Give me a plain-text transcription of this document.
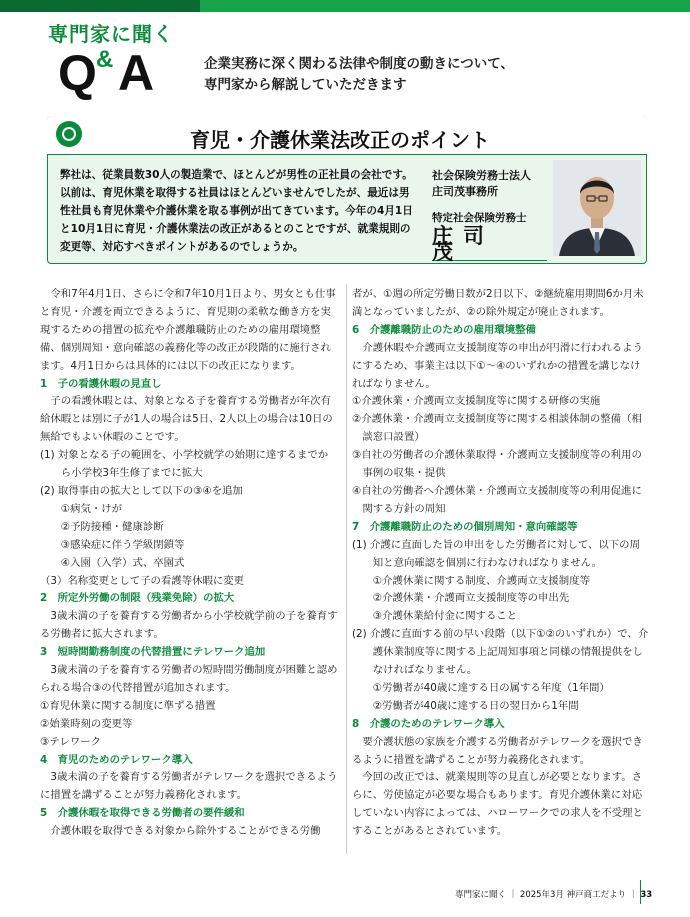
専門家に聞く
Q & A	企業実務に深く関わる法律や制度の動きについて、
専門家から解説していただきます
育児・介護休業法改正のポイント
弊社は、従業員数30人の製造業で、ほとんどが男性の正社員の会社です。以前は、育児休業を取得する社員はほとんどいませんでしたが、最近は男性社員も育児休業や介護休業を取る事例が出てきています。今年の4月1日と10月1日に育児・介護休業法の改正があるとのことですが、就業規則の変更等、対応すべきポイントがあるのでしょうか。
社会保険労務士法人
庄司茂事務所
特定社会保険労務士
庄司　茂

令和7年4月1日、さらに令和7年10月1日より、男女とも仕事と育児・介護を両立できるように、育児期の柔軟な働き方を実現するための措置の拡充や介護離職防止のための雇用環境整備、個別周知・意向確認の義務化等の改正が段階的に施行されます。4月1日からは具体的には以下の改正になります。

1　子の看護休暇の見直し

子の看護休暇とは、対象となる子を養育する労働者が年次有給休暇とは別に子が1人の場合は5日、2人以上の場合は10日の無給でもよい休暇のことです。

(1) 対象となる子の範囲を、小学校就学の始期に達するまでから小学校3年生修了までに拡大

(2) 取得事由の拡大として以下の③④を追加

①病気・けが

②予防接種・健康診断

③感染症に伴う学級閉鎖等

④入園（入学）式、卒園式

（3）名称変更として子の看護等休暇に変更

2　所定外労働の制限（残業免除）の拡大

3歳未満の子を養育する労働者から小学校就学前の子を養育する労働者に拡大されます。

3　短時間勤務制度の代替措置にテレワーク追加

3歳未満の子を養育する労働者の短時間労働制度が困難と認められる場合③の代替措置が追加されます。

①育児休業に関する制度に準ずる措置

②始業時刻の変更等

③テレワーク

4　育児のためのテレワーク導入

3歳未満の子を養育する労働者がテレワークを選択できるように措置を講ずることが努力義務化されます。

5　介護休暇を取得できる労働者の要件緩和

介護休暇を取得できる対象から除外することができる労働

者が、①週の所定労働日数が2日以下、②継続雇用期間6か月未満となっていましたが、②の除外規定が廃止されます。

6　介護離職防止のための雇用環境整備

介護休暇や介護両立支援制度等の申出が円滑に行われるようにするため、事業主は以下①～④のいずれかの措置を講じなければなりません。

①介護休業・介護両立支援制度等に関する研修の実施

②介護休業・介護両立支援制度等に関する相談体制の整備（相談窓口設置）

③自社の労働者の介護休業取得・介護両立支援制度等の利用の事例の収集・提供

④自社の労働者へ介護休業・介護両立支援制度等の利用促進に関する方針の周知

7　介護離職防止のための個別周知・意向確認等

(1) 介護に直面した旨の申出をした労働者に対して、以下の周知と意向確認を個別に行わなければなりません。

①介護休業に関する制度、介護両立支援制度等

②介護休業・介護両立支援制度等の申出先

③介護休業給付金に関すること

(2) 介護に直面する前の早い段階（以下①②のいずれか）で、介護休業制度等に関する上記周知事項と同様の情報提供をしなければなりません。

①労働者が40歳に達する日の属する年度（1年間）

②労働者が40歳に達する日の翌日から1年間

8　介護のためのテレワーク導入

要介護状態の家族を介護する労働者がテレワークを選択できるように措置を講ずることが努力義務化されます。

今回の改正では、就業規則等の見直しが必要となります。さらに、労使協定が必要な場合もあります。育児介護休業に対応していない内容によっては、ハローワークでの求人を不受理とすることがあるとされています。

専門家に聞く ｜ 2025年3月 神戸商工だより ｜ 33
